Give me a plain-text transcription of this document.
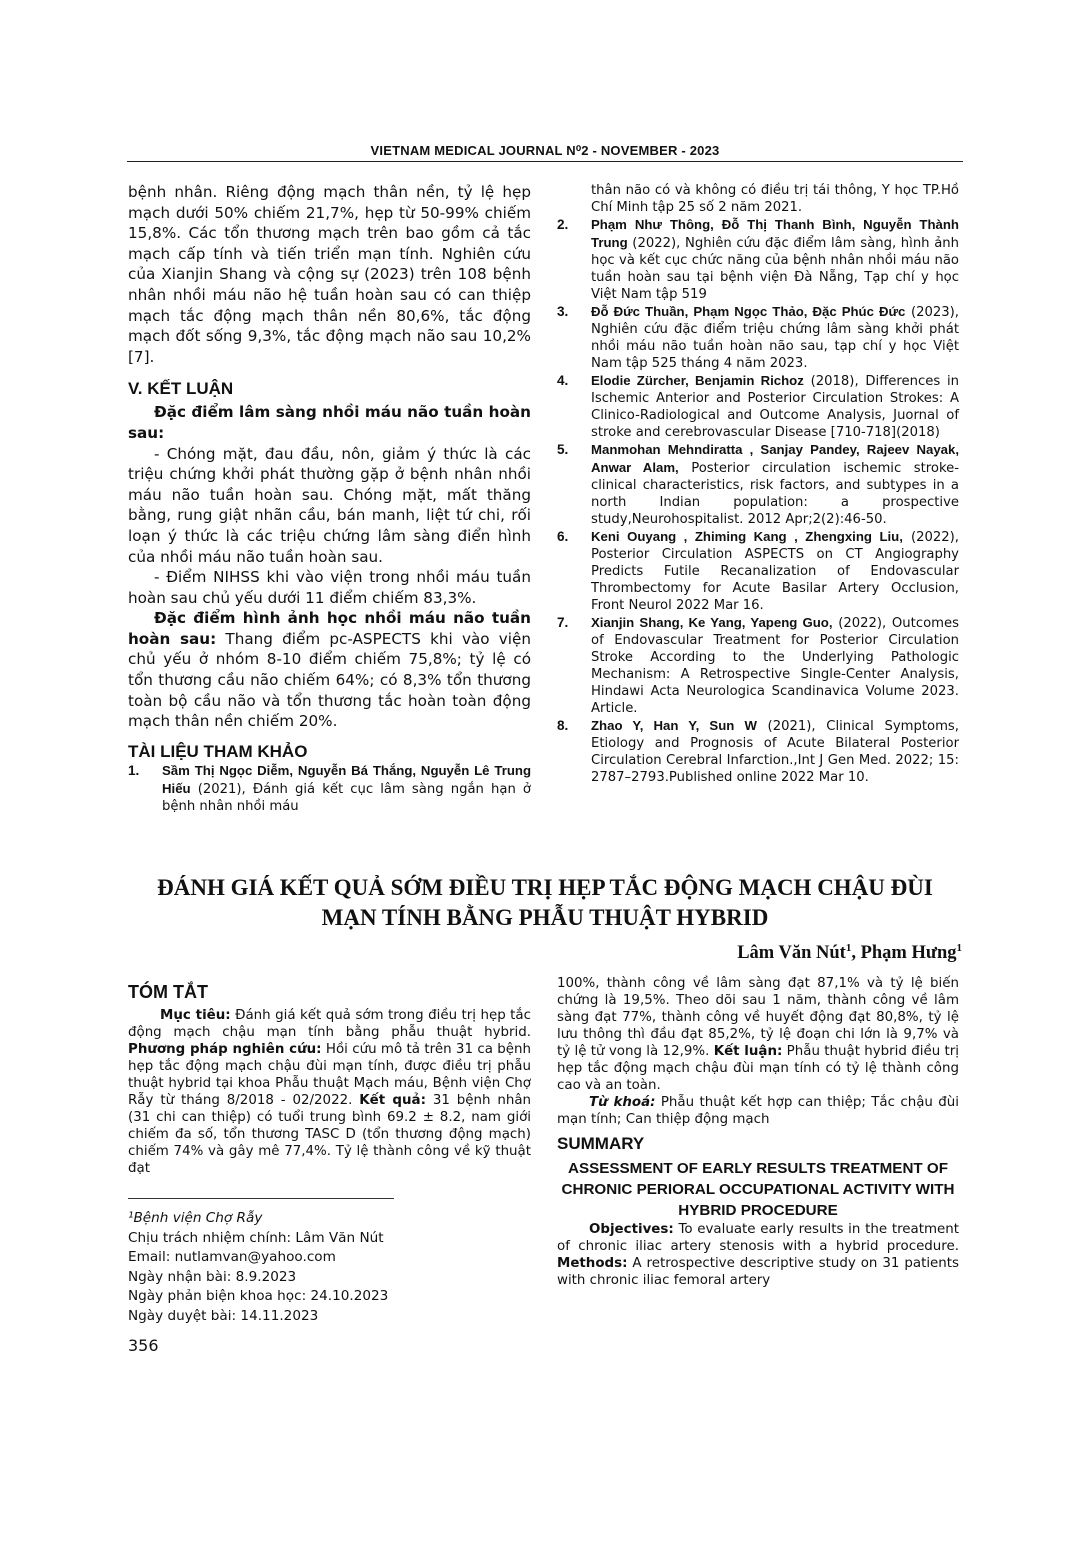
VIETNAM MEDICAL JOURNAL N⁰2 - NOVEMBER - 2023

bệnh nhân. Riêng động mạch thân nền, tỷ lệ hẹp mạch dưới 50% chiếm 21,7%, hẹp từ 50-99% chiếm 15,8%. Các tổn thương mạch trên bao gồm cả tắc mạch cấp tính và tiến triển mạn tính. Nghiên cứu của Xianjin Shang và cộng sự (2023) trên 108 bệnh nhân nhồi máu não hệ tuần hoàn sau có can thiệp mạch tắc động mạch thân nền 80,6%, tắc động mạch đốt sống 9,3%, tắc động mạch não sau 10,2% [7].

V. KẾT LUẬN

Đặc điểm lâm sàng nhồi máu não tuần hoàn sau:

- Chóng mặt, đau đầu, nôn, giảm ý thức là các triệu chứng khởi phát thường gặp ở bệnh nhân nhồi máu não tuần hoàn sau. Chóng mặt, mất thăng bằng, rung giật nhãn cầu, bán manh, liệt tứ chi, rối loạn ý thức là các triệu chứng lâm sàng điển hình của nhồi máu não tuần hoàn sau.

- Điểm NIHSS khi vào viện trong nhồi máu tuần hoàn sau chủ yếu dưới 11 điểm chiếm 83,3%.

Đặc điểm hình ảnh học nhồi máu não tuần hoàn sau: Thang điểm pc-ASPECTS khi vào viện chủ yếu ở nhóm 8-10 điểm chiếm 75,8%; tỷ lệ có tổn thương cầu não chiếm 64%; có 8,3% tổn thương toàn bộ cầu não và tổn thương tắc hoàn toàn động mạch thân nền chiếm 20%.

TÀI LIỆU THAM KHẢO
1. Sầm Thị Ngọc Diễm, Nguyễn Bá Thắng, Nguyễn Lê Trung Hiếu (2021), Đánh giá kết cục lâm sàng ngắn hạn ở bệnh nhân nhồi máu
thân não có và không có điều trị tái thông, Y học TP.Hồ Chí Minh tập 25 số 2 năm 2021.
2. Phạm Như Thông, Đỗ Thị Thanh Bình, Nguyễn Thành Trung (2022), Nghiên cứu đặc điểm lâm sàng, hình ảnh học và kết cục chức năng của bệnh nhân nhồi máu não tuần hoàn sau tại bệnh viện Đà Nẵng, Tạp chí y học Việt Nam tập 519
3. Đỗ Đức Thuần, Phạm Ngọc Thảo, Đặc Phúc Đức (2023), Nghiên cứu đặc điểm triệu chứng lâm sàng khởi phát nhồi máu não tuần hoàn não sau, tạp chí y học Việt Nam tập 525 tháng 4 năm 2023.
4. Elodie Zürcher, Benjamin Richoz (2018), Differences in Ischemic Anterior and Posterior Circulation Strokes: A Clinico-Radiological and Outcome Analysis, Juornal of stroke and cerebrovascular Disease [710-718](2018)
5. Manmohan Mehndiratta , Sanjay Pandey, Rajeev Nayak, Anwar Alam, Posterior circulation ischemic stroke-clinical characteristics, risk factors, and subtypes in a north Indian population: a prospective study,Neurohospitalist. 2012 Apr;2(2):46-50.
6. Keni Ouyang , Zhiming Kang , Zhengxing Liu, (2022), Posterior Circulation ASPECTS on CT Angiography Predicts Futile Recanalization of Endovascular Thrombectomy for Acute Basilar Artery Occlusion, Front Neurol 2022 Mar 16.
7. Xianjin Shang, Ke Yang, Yapeng Guo, (2022), Outcomes of Endovascular Treatment for Posterior Circulation Stroke According to the Underlying Pathologic Mechanism: A Retrospective Single-Center Analysis, Hindawi Acta Neurologica Scandinavica Volume 2023. Article.
8. Zhao Y, Han Y, Sun W (2021), Clinical Symptoms, Etiology and Prognosis of Acute Bilateral Posterior Circulation Cerebral Infarction.,Int J Gen Med. 2022; 15: 2787–2793.Published online 2022 Mar 10.
ĐÁNH GIÁ KẾT QUẢ SỚM ĐIỀU TRỊ HẸP TẮC ĐỘNG MẠCH CHẬU ĐÙI MẠN TÍNH BẰNG PHẪU THUẬT HYBRID
Lâm Văn Nút$^1$, Phạm Hưng$^1$
TÓM TẮT

Mục tiêu: Đánh giá kết quả sớm trong điều trị hẹp tắc động mạch chậu mạn tính bằng phẫu thuật hybrid. Phương pháp nghiên cứu: Hồi cứu mô tả trên 31 ca bệnh hẹp tắc động mạch chậu đùi mạn tính, được điều trị phẫu thuật hybrid tại khoa Phẫu thuật Mạch máu, Bệnh viện Chợ Rẫy từ tháng 8/2018 - 02/2022. Kết quả: 31 bệnh nhân (31 chi can thiệp) có tuổi trung bình 69.2 ± 8.2, nam giới chiếm đa số, tổn thương TASC D (tổn thương động mạch) chiếm 74% và gây mê 77,4%. Tỷ lệ thành công về kỹ thuật đạt

100%, thành công về lâm sàng đạt 87,1% và tỷ lệ biến chứng là 19,5%. Theo dõi sau 1 năm, thành công về lâm sàng đạt 77%, thành công về huyết động đạt 80,8%, tỷ lệ lưu thông thì đầu đạt 85,2%, tỷ lệ đoạn chi lớn là 9,7% và tỷ lệ tử vong là 12,9%. Kết luận: Phẫu thuật hybrid điều trị hẹp tắc động mạch chậu đùi mạn tính có tỷ lệ thành công cao và an toàn.

Từ khoá: Phẫu thuật kết hợp can thiệp; Tắc chậu đùi mạn tính; Can thiệp động mạch

SUMMARY

ASSESSMENT OF EARLY RESULTS TREATMENT OF CHRONIC PERIORAL OCCUPATIONAL ACTIVITY WITH HYBRID PROCEDURE

Objectives: To evaluate early results in the treatment of chronic iliac artery stenosis with a hybrid procedure. Methods: A retrospective descriptive study on 31 patients with chronic iliac femoral artery

¹Bệnh viện Chợ Rẫy
Chịu trách nhiệm chính: Lâm Văn Nút
Email: nutlamvan@yahoo.com
Ngày nhận bài: 8.9.2023
Ngày phản biện khoa học: 24.10.2023
Ngày duyệt bài: 14.11.2023
356
